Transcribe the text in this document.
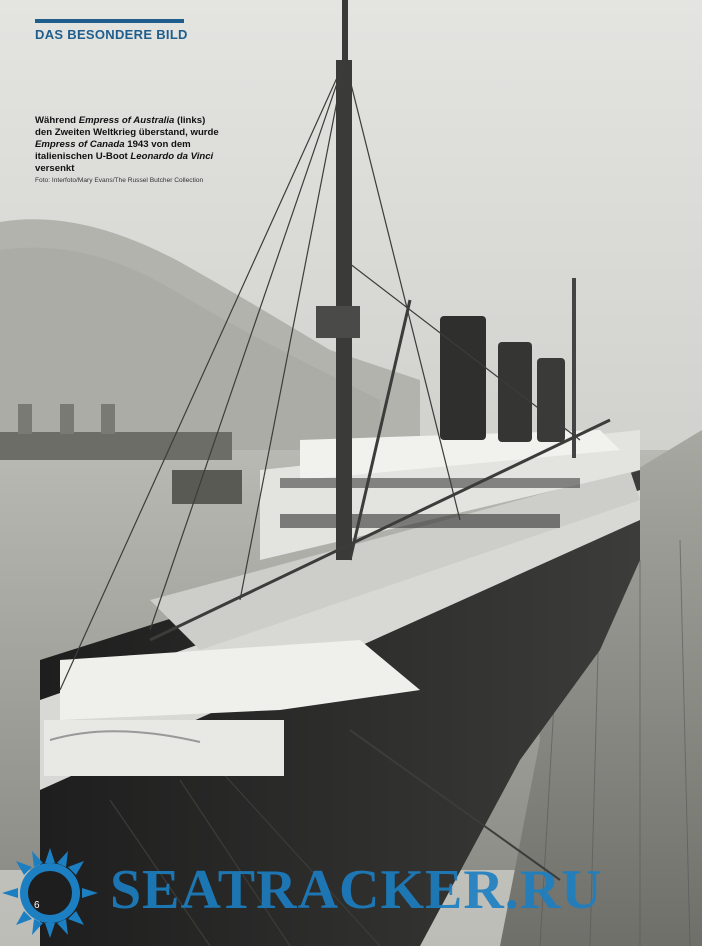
DAS BESONDERE BILD
Während Empress of Australia (links) den Zweiten Weltkrieg überstand, wurde Empress of Canada 1943 von dem italienischen U-Boot Leonardo da Vinci versenkt
Foto: Interfoto/Mary Evans/The Russel Butcher Collection
6 SEATRACKER.RU
